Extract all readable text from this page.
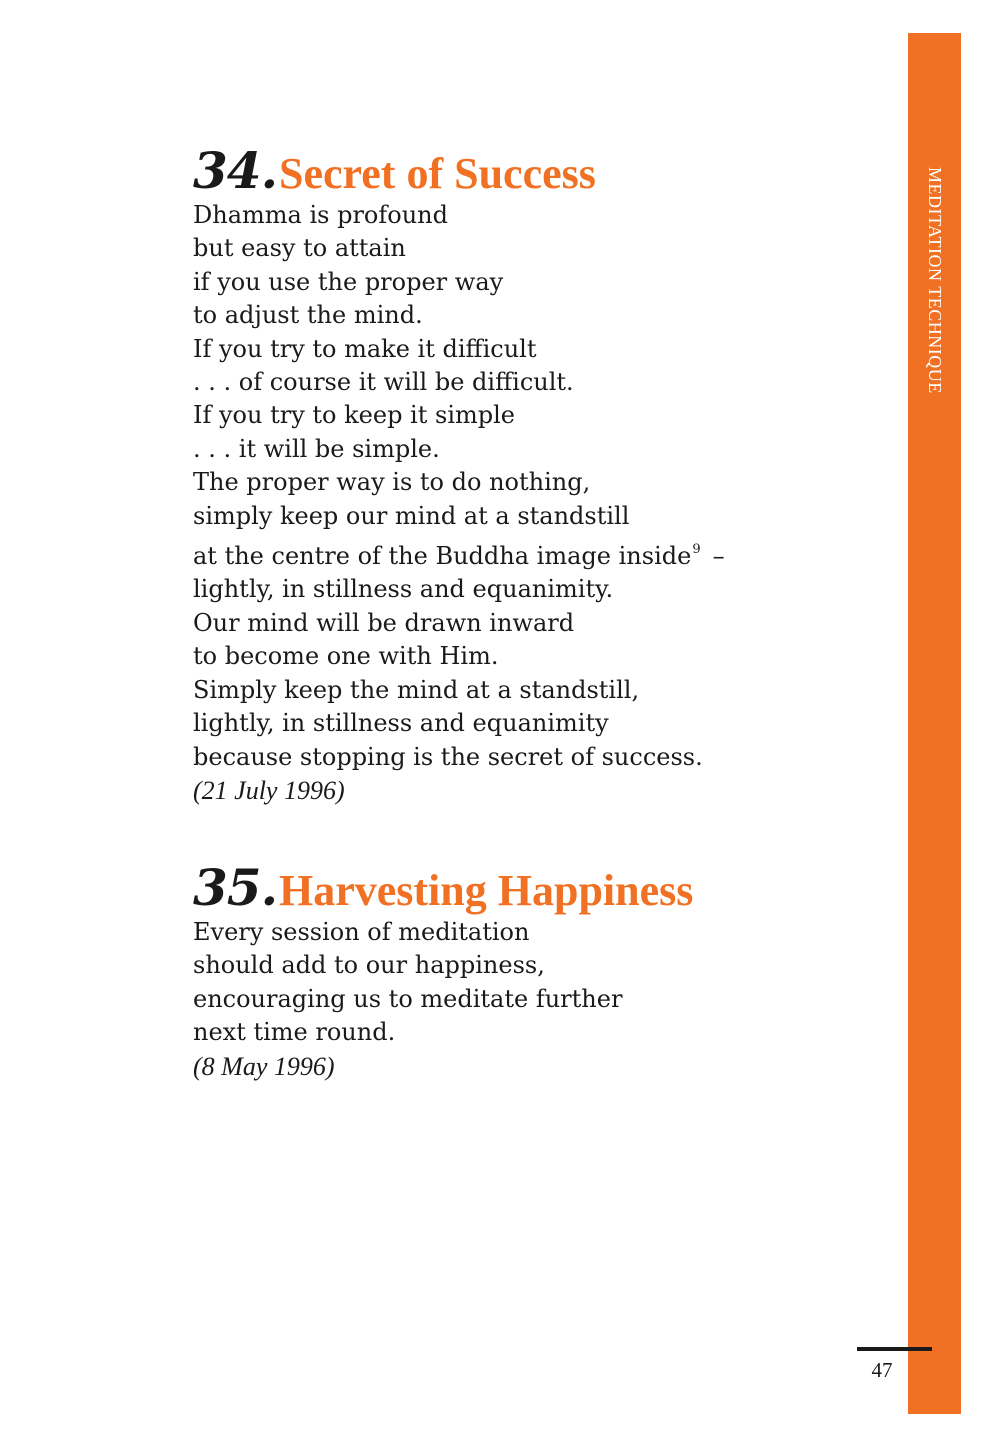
MEDITATION TECHNIQUE
34. Secret of Success
Dhamma is profound
but easy to attain
if you use the proper way
to adjust the mind.
If you try to make it difficult
. . . of course it will be difficult.
If you try to keep it simple
. . . it will be simple.
The proper way is to do nothing,
simply keep our mind at a standstill
at the centre of the Buddha image inside$^9$ –
lightly, in stillness and equanimity.
Our mind will be drawn inward
to become one with Him.
Simply keep the mind at a standstill,
lightly, in stillness and equanimity
because stopping is the secret of success.
(21 July 1996)
35. Harvesting Happiness
Every session of meditation
should add to our happiness,
encouraging us to meditate further
next time round.
(8 May 1996)
47
